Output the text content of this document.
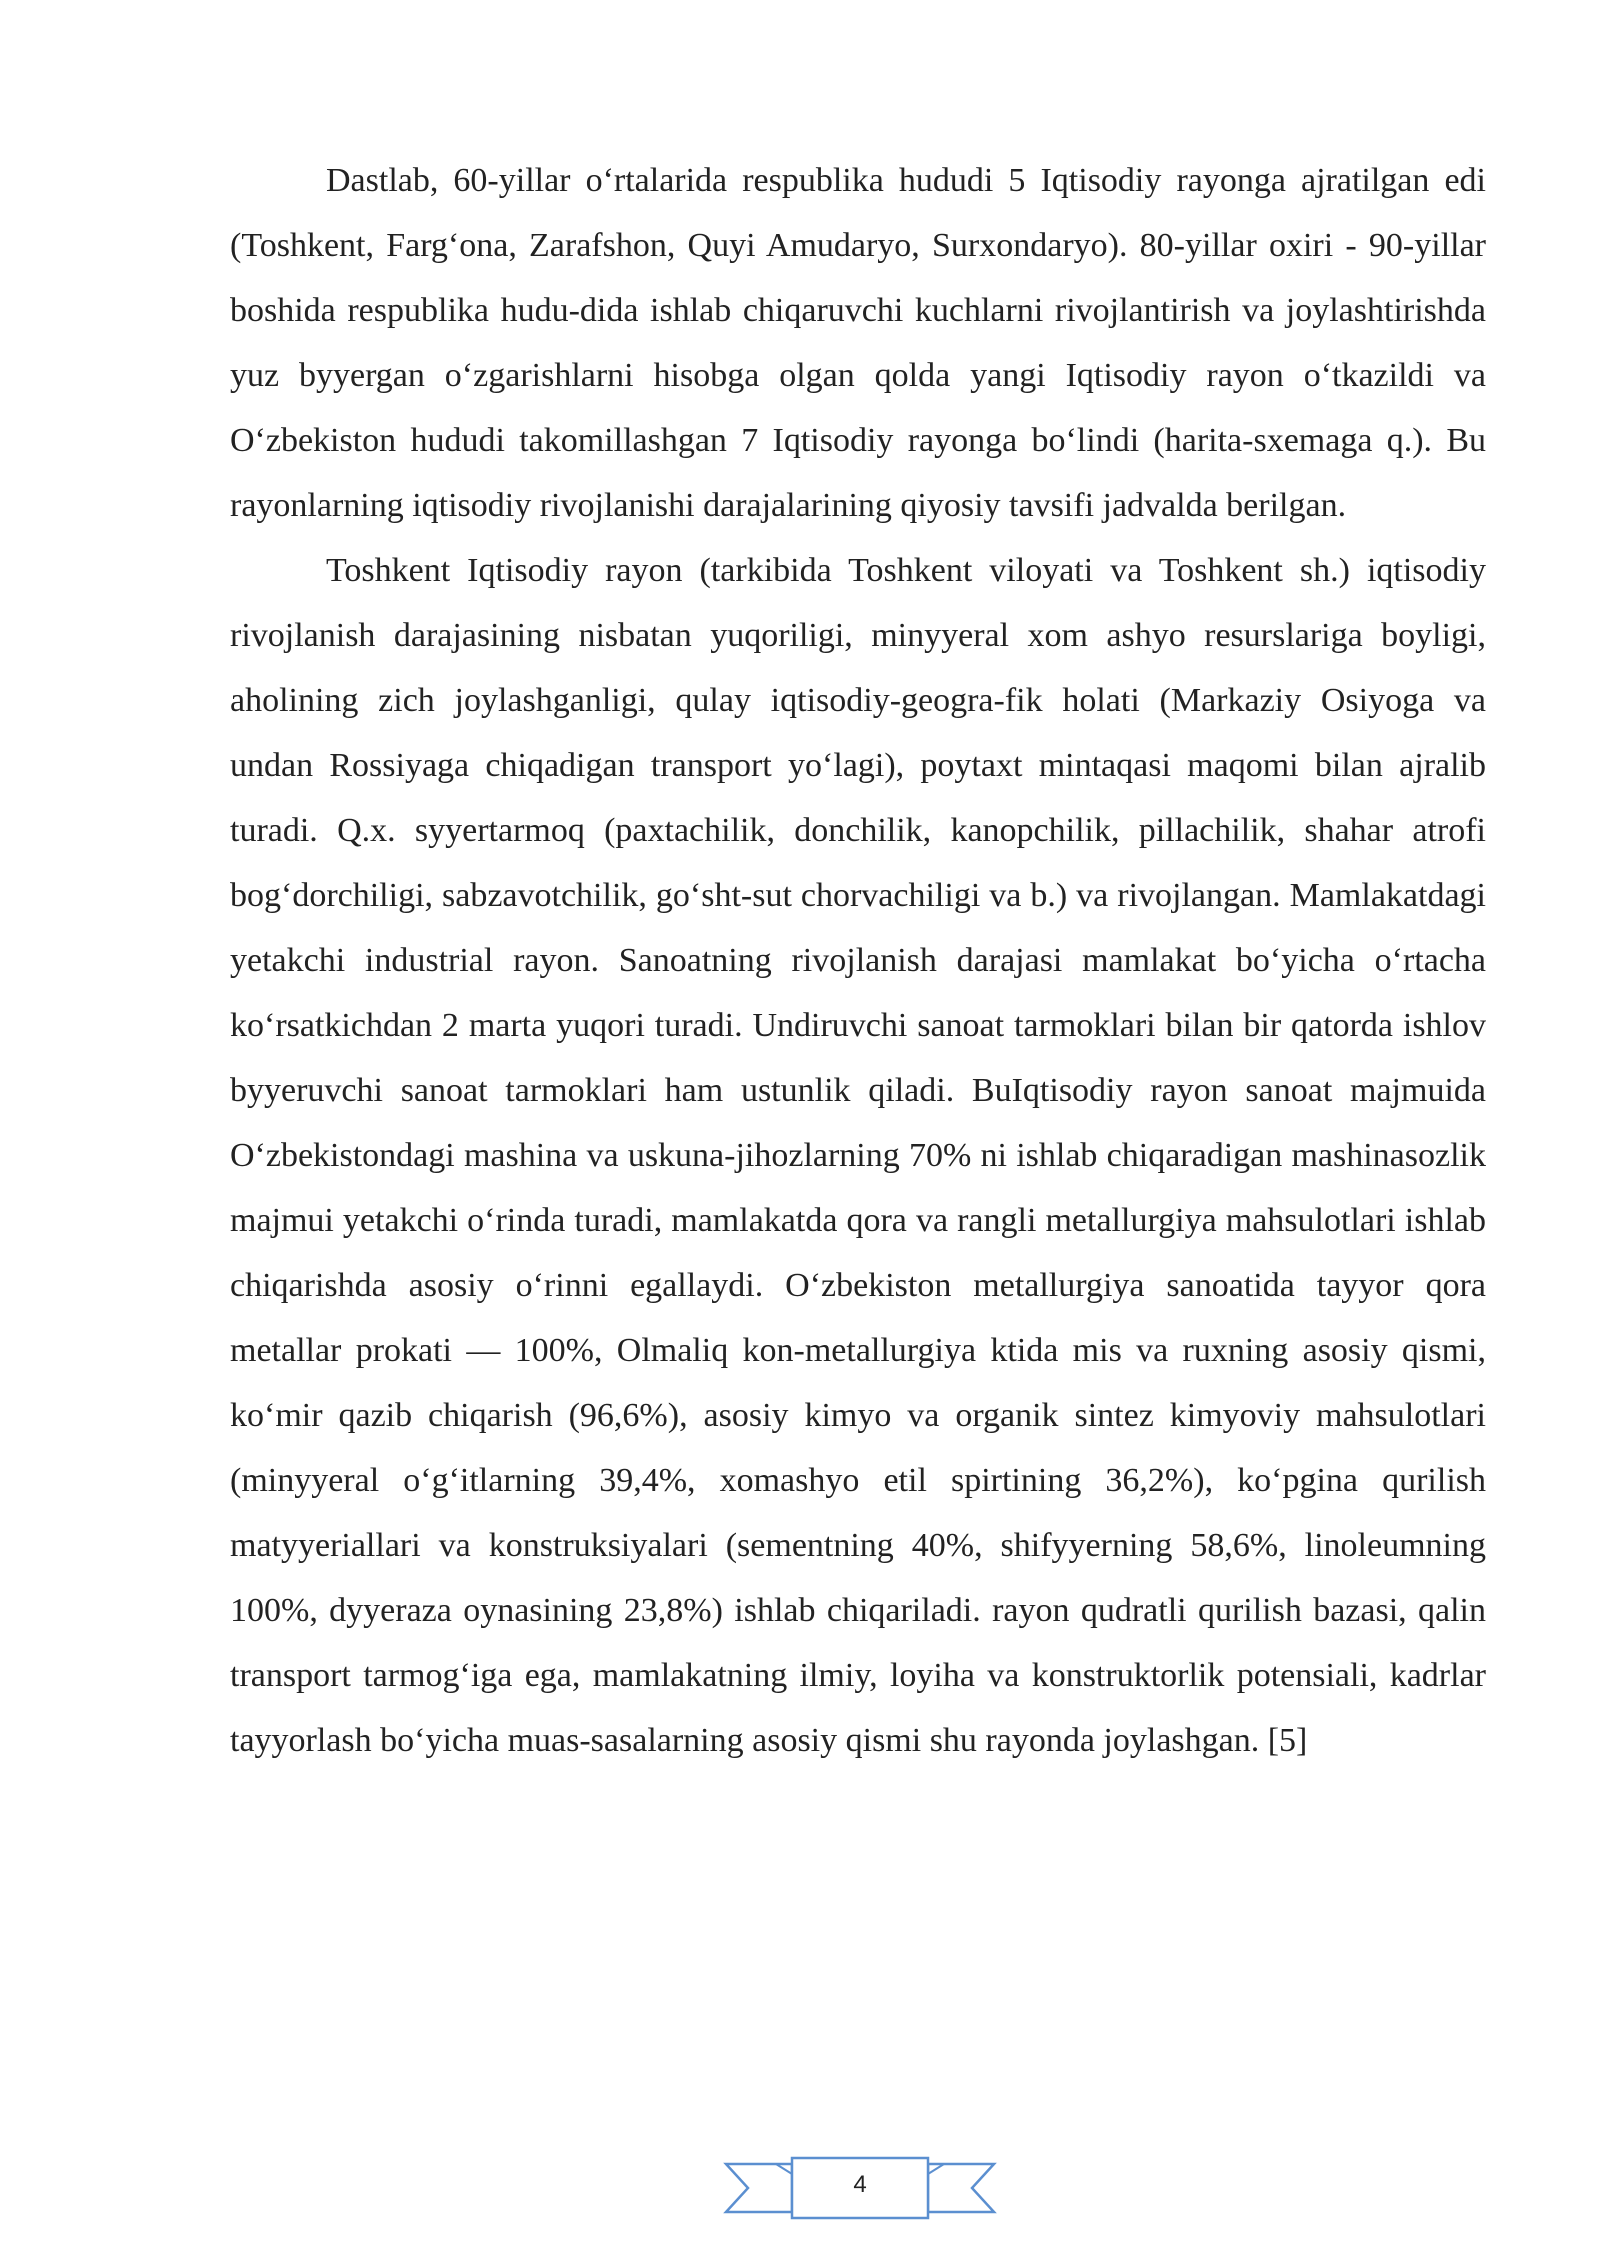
Dastlab, 60-yillar o‘rtalarida respublika hududi 5 Iqtisodiy rayonga ajratilgan edi (Toshkent, Farg‘ona, Zarafshon, Quyi Amudaryo, Surxondaryo). 80-yillar oxiri - 90-yillar boshida respublika hudu-dida ishlab chiqaruvchi kuchlarni rivojlantirish va joylashtirishda yuz byyergan o‘zgarishlarni hisobga olgan qolda yangi Iqtisodiy rayon o‘tkazildi va O‘zbekiston hududi takomillashgan 7 Iqtisodiy rayonga bo‘lindi (harita-sxemaga q.). Bu rayonlarning iqtisodiy rivojlanishi darajalarining qiyosiy tavsifi jadvalda berilgan.

Toshkent Iqtisodiy rayon (tarkibida Toshkent viloyati va Toshkent sh.) iqtisodiy rivojlanish darajasining nisbatan yuqoriligi, minyyeral xom ashyo resurslariga boyligi, aholining zich joylashganligi, qulay iqtisodiy-geogra-fik holati (Markaziy Osiyoga va undan Rossiyaga chiqadigan transport yo‘lagi), poytaxt mintaqasi maqomi bilan ajralib turadi. Q.x. syyertarmoq (paxtachilik, donchilik, kanopchilik, pillachilik, shahar atrofi bog‘dorchiligi, sabzavotchilik, go‘sht-sut chorvachiligi va b.) va rivojlangan. Mamlakatdagi yetakchi industrial rayon. Sanoatning rivojlanish darajasi mamlakat bo‘yicha o‘rtacha ko‘rsatkichdan 2 marta yuqori turadi. Undiruvchi sanoat tarmoklari bilan bir qatorda ishlov byyeruvchi sanoat tarmoklari ham ustunlik qiladi. BuIqtisodiy rayon sanoat majmuida O‘zbekistondagi mashina va uskuna-jihozlarning 70% ni ishlab chiqaradigan mashinasozlik majmui yetakchi o‘rinda turadi, mamlakatda qora va rangli metallurgiya mahsulotlari ishlab chiqarishda asosiy o‘rinni egallaydi. O‘zbekiston metallurgiya sanoatida tayyor qora metallar prokati — 100%, Olmaliq kon-metallurgiya ktida mis va ruxning asosiy qismi, ko‘mir qazib chiqarish (96,6%), asosiy kimyo va organik sintez kimyoviy mahsulotlari (minyyeral o‘g‘itlarning 39,4%, xomashyo etil spirtining 36,2%), ko‘pgina qurilish matyyeriallari va konstruksiyalari (sementning 40%, shifyyerning 58,6%, linoleumning 100%, dyyeraza oynasining 23,8%) ishlab chiqariladi. rayon qudratli qurilish bazasi, qalin transport tarmog‘iga ega, mamlakatning ilmiy, loyiha va konstruktorlik potensiali, kadrlar tayyorlash bo‘yicha muas-sasalarning asosiy qismi shu rayonda joylashgan. [5]

4
